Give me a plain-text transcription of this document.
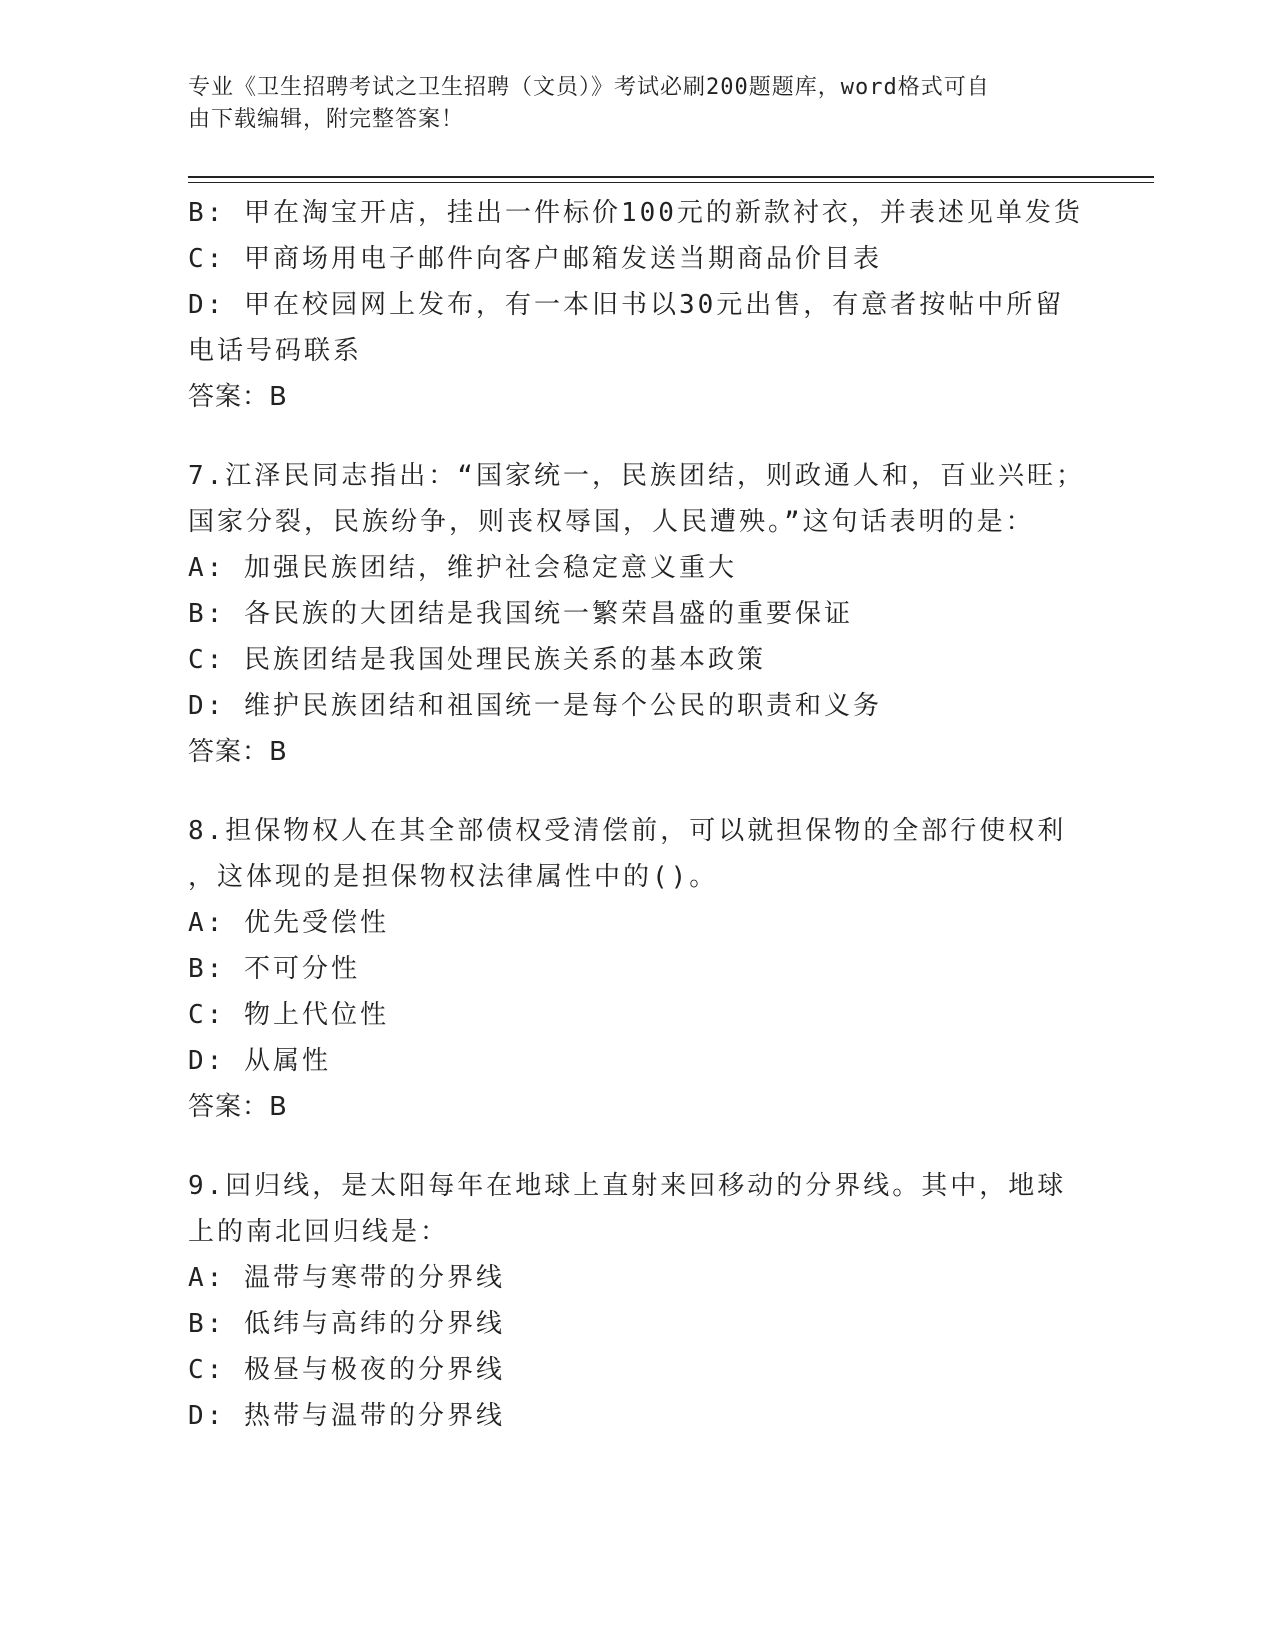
专业《卫生招聘考试之卫生招聘（文员）》考试必刷200题题库，word格式可自
由下载编辑，附完整答案！
B: 甲在淘宝开店，挂出一件标价100元的新款衬衣，并表述见单发货
C: 甲商场用电子邮件向客户邮箱发送当期商品价目表
D: 甲在校园网上发布，有一本旧书以30元出售，有意者按帖中所留
电话号码联系
答案：B
7.江泽民同志指出：“国家统一，民族团结，则政通人和，百业兴旺；
国家分裂，民族纷争，则丧权辱国，人民遭殃。”这句话表明的是：
A: 加强民族团结，维护社会稳定意义重大
B: 各民族的大团结是我国统一繁荣昌盛的重要保证
C: 民族团结是我国处理民族关系的基本政策
D: 维护民族团结和祖国统一是每个公民的职责和义务
答案：B
8.担保物权人在其全部债权受清偿前，可以就担保物的全部行使权利
，这体现的是担保物权法律属性中的()。
A: 优先受偿性
B: 不可分性
C: 物上代位性
D: 从属性
答案：B
9.回归线，是太阳每年在地球上直射来回移动的分界线。其中，地球
上的南北回归线是：
A: 温带与寒带的分界线
B: 低纬与高纬的分界线
C: 极昼与极夜的分界线
D: 热带与温带的分界线
